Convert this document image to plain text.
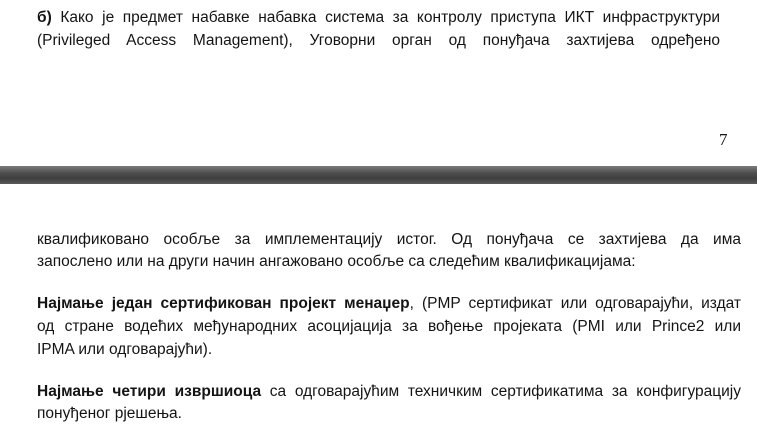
б) Како је предмет набавке набавка система за контролу приступа ИКТ инфраструктури
(Privileged Access Management), Уговорни орган од понуђача захтијева одређено
7
квалификовано особље за имплементацију истог. Од понуђача се захтијева да има
запослено или на други начин ангажовано особље са следећим квалификацијама:
Најмање један сертификован пројект менаџер, (PMP сертификат или одговарајући, издат
од стране водећих међународних асоцијација за вођење пројеката (PMI или Prince2 или
IPMA или одговарајући).
Најмање четири извршиоца са одговарајућим техничким сертификатима за конфигурацију
понуђеног рјешења.
